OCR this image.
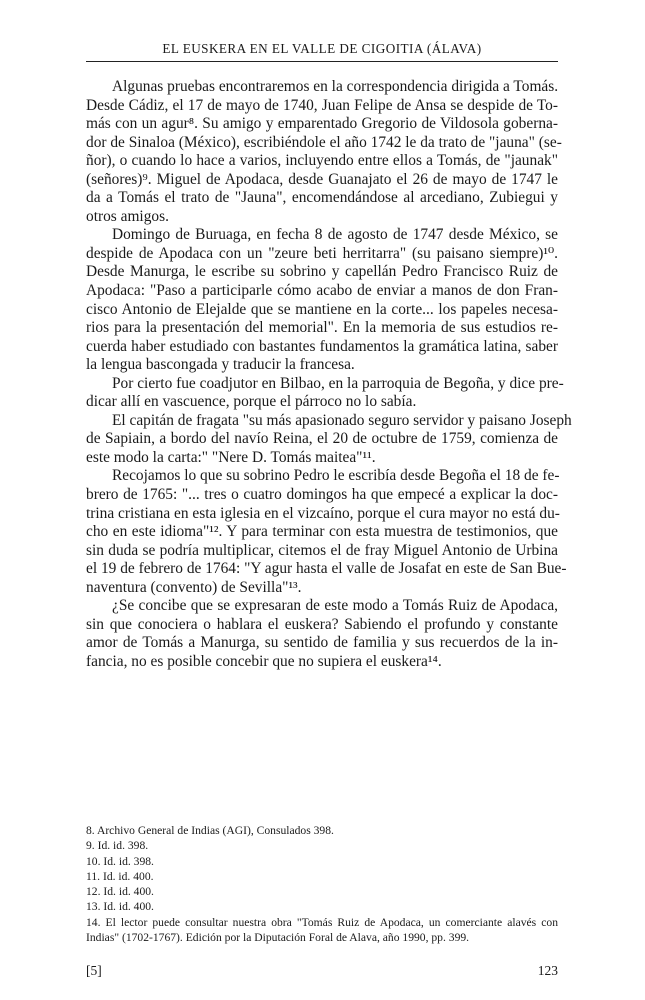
EL EUSKERA EN EL VALLE DE CIGOITIA (ÁLAVA)

Algunas pruebas encontraremos en la correspondencia dirigida a Tomás.
Desde Cádiz, el 17 de mayo de 1740, Juan Felipe de Ansa se despide de To-
más con un agur⁸. Su amigo y emparentado Gregorio de Vildosola goberna-
dor de Sinaloa (México), escribiéndole el año 1742 le da trato de "jauna" (se-
ñor), o cuando lo hace a varios, incluyendo entre ellos a Tomás, de "jaunak"
(señores)⁹. Miguel de Apodaca, desde Guanajato el 26 de mayo de 1747 le
da a Tomás el trato de "Jauna", encomendándose al arcediano, Zubiegui y
otros amigos.

Domingo de Buruaga, en fecha 8 de agosto de 1747 desde México, se
despide de Apodaca con un "zeure beti herritarra" (su paisano siempre)¹⁰.
Desde Manurga, le escribe su sobrino y capellán Pedro Francisco Ruiz de
Apodaca: "Paso a participarle cómo acabo de enviar a manos de don Fran-
cisco Antonio de Elejalde que se mantiene en la corte... los papeles necesa-
rios para la presentación del memorial". En la memoria de sus estudios re-
cuerda haber estudiado con bastantes fundamentos la gramática latina, saber
la lengua bascongada y traducir la francesa.

Por cierto fue coadjutor en Bilbao, en la parroquia de Begoña, y dice pre-
dicar allí en vascuence, porque el párroco no lo sabía.

El capitán de fragata "su más apasionado seguro servidor y paisano Joseph
de Sapiain, a bordo del navío Reina, el 20 de octubre de 1759, comienza de
este modo la carta:" "Nere D. Tomás maitea"¹¹.

Recojamos lo que su sobrino Pedro le escribía desde Begoña el 18 de fe-
brero de 1765: "... tres o cuatro domingos ha que empecé a explicar la doc-
trina cristiana en esta iglesia en el vizcaíno, porque el cura mayor no está du-
cho en este idioma"¹². Y para terminar con esta muestra de testimonios, que
sin duda se podría multiplicar, citemos el de fray Miguel Antonio de Urbina
el 19 de febrero de 1764: "Y agur hasta el valle de Josafat en este de San Bue-
naventura (convento) de Sevilla"¹³.

¿Se concibe que se expresaran de este modo a Tomás Ruiz de Apodaca,
sin que conociera o hablara el euskera? Sabiendo el profundo y constante
amor de Tomás a Manurga, su sentido de familia y sus recuerdos de la in-
fancia, no es posible concebir que no supiera el euskera¹⁴.

8. Archivo General de Indias (AGI), Consulados 398.
9. Id. id. 398.
10. Id. id. 398.
11. Id. id. 400.
12. Id. id. 400.
13. Id. id. 400.
14. El lector puede consultar nuestra obra "Tomás Ruiz de Apodaca, un comerciante alavés con Indias" (1702-1767). Edición por la Diputación Foral de Alava, año 1990, pp. 399.
[5]	123
